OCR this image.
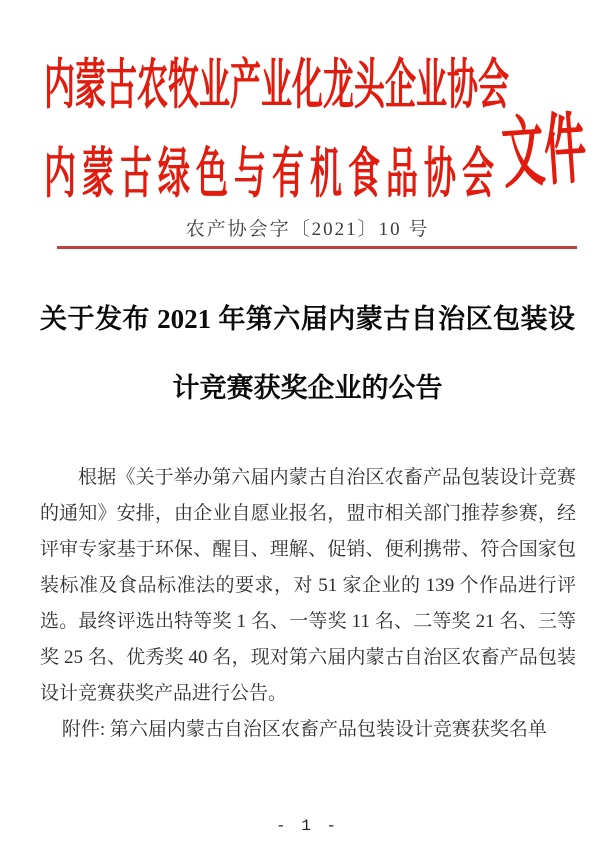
内蒙古农牧业产业化龙头企业协会
内蒙古绿色与有机食品协会 文件
农产协会字〔2021〕10 号
关于发布 2021 年第六届内蒙古自治区包装设
计竞赛获奖企业的公告
根据《关于举办第六届内蒙古自治区农畜产品包装设计竞赛
的通知》安排，由企业自愿业报名，盟市相关部门推荐参赛，经
评审专家基于环保、醒目、理解、促销、便利携带、符合国家包
装标准及食品标准法的要求，对 51 家企业的 139 个作品进行评
选。最终评选出特等奖 1 名、一等奖 11 名、二等奖 21 名、三等
奖 25 名、优秀奖 40 名，现对第六届内蒙古自治区农畜产品包装
设计竞赛获奖产品进行公告。
附件: 第六届内蒙古自治区农畜产品包装设计竞赛获奖名单
- 1 -
